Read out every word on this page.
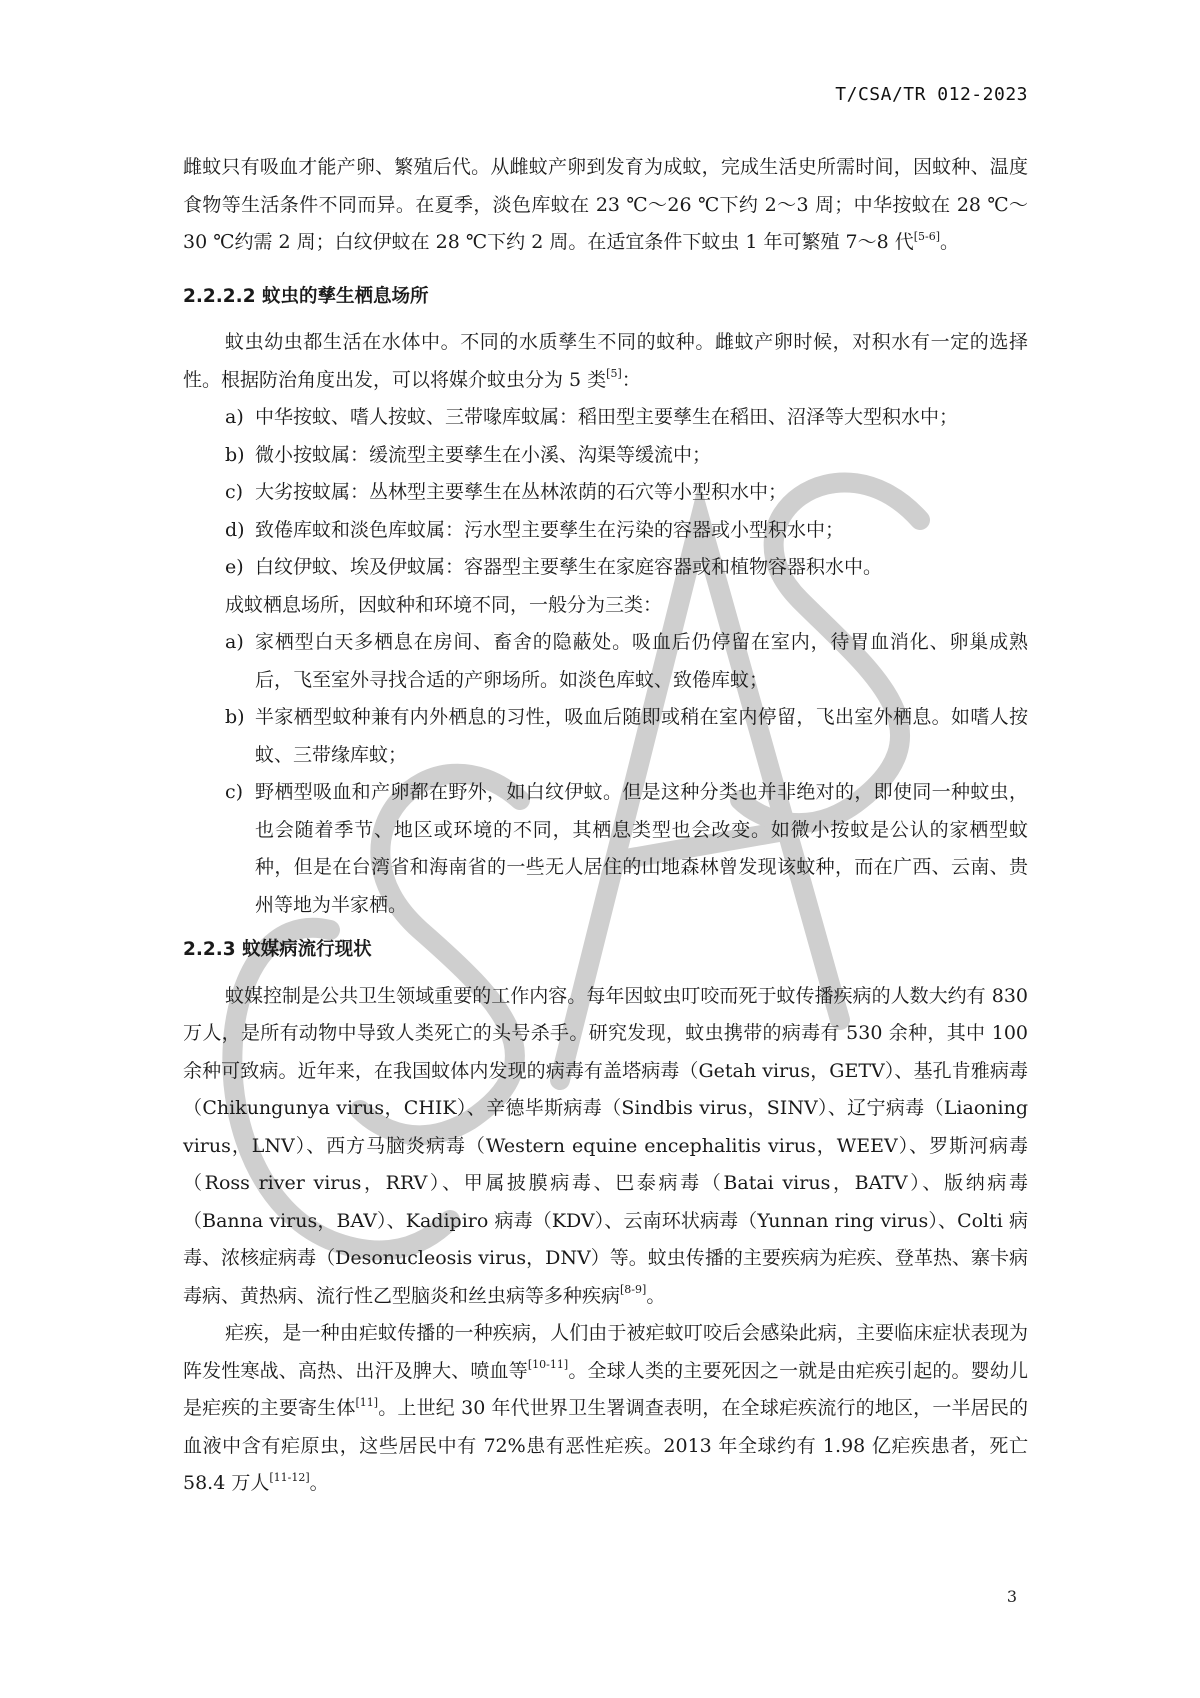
T/CSA/TR 012-2023

雌蚊只有吸血才能产卵、繁殖后代。从雌蚊产卵到发育为成蚊，完成生活史所需时间，因蚊种、温度食物等生活条件不同而异。在夏季，淡色库蚊在 23 ℃～26 ℃下约 2～3 周；中华按蚊在 28 ℃～30 ℃约需 2 周；白纹伊蚊在 28 ℃下约 2 周。在适宜条件下蚊虫 1 年可繁殖 7～8 代[5-6]。

2.2.2.2 蚊虫的孳生栖息场所

蚊虫幼虫都生活在水体中。不同的水质孳生不同的蚊种。雌蚊产卵时候，对积水有一定的选择性。根据防治角度出发，可以将媒介蚊虫分为 5 类[5]：

a) 中华按蚊、嗜人按蚊、三带喙库蚊属：稻田型主要孳生在稻田、沼泽等大型积水中；
b) 微小按蚊属：缓流型主要孳生在小溪、沟渠等缓流中；
c) 大劣按蚊属：丛林型主要孳生在丛林浓荫的石穴等小型积水中；
d) 致倦库蚊和淡色库蚊属：污水型主要孳生在污染的容器或小型积水中；
e) 白纹伊蚊、埃及伊蚊属：容器型主要孳生在家庭容器或和植物容器积水中。

成蚊栖息场所，因蚊种和环境不同，一般分为三类：

a) 家栖型白天多栖息在房间、畜舍的隐蔽处。吸血后仍停留在室内，待胃血消化、卵巢成熟后，飞至室外寻找合适的产卵场所。如淡色库蚊、致倦库蚊；
b) 半家栖型蚊种兼有内外栖息的习性，吸血后随即或稍在室内停留，飞出室外栖息。如嗜人按蚊、三带缘库蚊；
c) 野栖型吸血和产卵都在野外，如白纹伊蚊。但是这种分类也并非绝对的，即使同一种蚊虫，也会随着季节、地区或环境的不同，其栖息类型也会改变。如微小按蚊是公认的家栖型蚊种，但是在台湾省和海南省的一些无人居住的山地森林曾发现该蚊种，而在广西、云南、贵州等地为半家栖。
2.2.3 蚊媒病流行现状

蚊媒控制是公共卫生领域重要的工作内容。每年因蚊虫叮咬而死于蚊传播疾病的人数大约有 830 万人，是所有动物中导致人类死亡的头号杀手。研究发现，蚊虫携带的病毒有 530 余种，其中 100 余种可致病。近年来，在我国蚊体内发现的病毒有盖塔病毒（Getah virus，GETV）、基孔肯雅病毒（Chikungunya virus，CHIK）、辛德毕斯病毒（Sindbis virus，SINV）、辽宁病毒（Liaoning virus，LNV）、西方马脑炎病毒（Western equine encephalitis virus，WEEV）、罗斯河病毒（Ross river virus，RRV）、甲属披膜病毒、巴泰病毒（Batai virus，BATV）、版纳病毒 （Banna virus，BAV）、Kadipiro 病毒（KDV）、云南环状病毒（Yunnan ring virus）、Colti 病毒、浓核症病毒（Desonucleosis virus，DNV）等。蚊虫传播的主要疾病为疟疾、登革热、寨卡病毒病、黄热病、流行性乙型脑炎和丝虫病等多种疾病[8-9]。

疟疾，是一种由疟蚊传播的一种疾病，人们由于被疟蚊叮咬后会感染此病，主要临床症状表现为阵发性寒战、高热、出汗及脾大、喷血等[10-11]。全球人类的主要死因之一就是由疟疾引起的。婴幼儿是疟疾的主要寄生体[11]。上世纪 30 年代世界卫生署调查表明，在全球疟疾流行的地区，一半居民的血液中含有疟原虫，这些居民中有 72%患有恶性疟疾。2013 年全球约有 1.98 亿疟疾患者，死亡 58.4 万人[11-12]。

3
